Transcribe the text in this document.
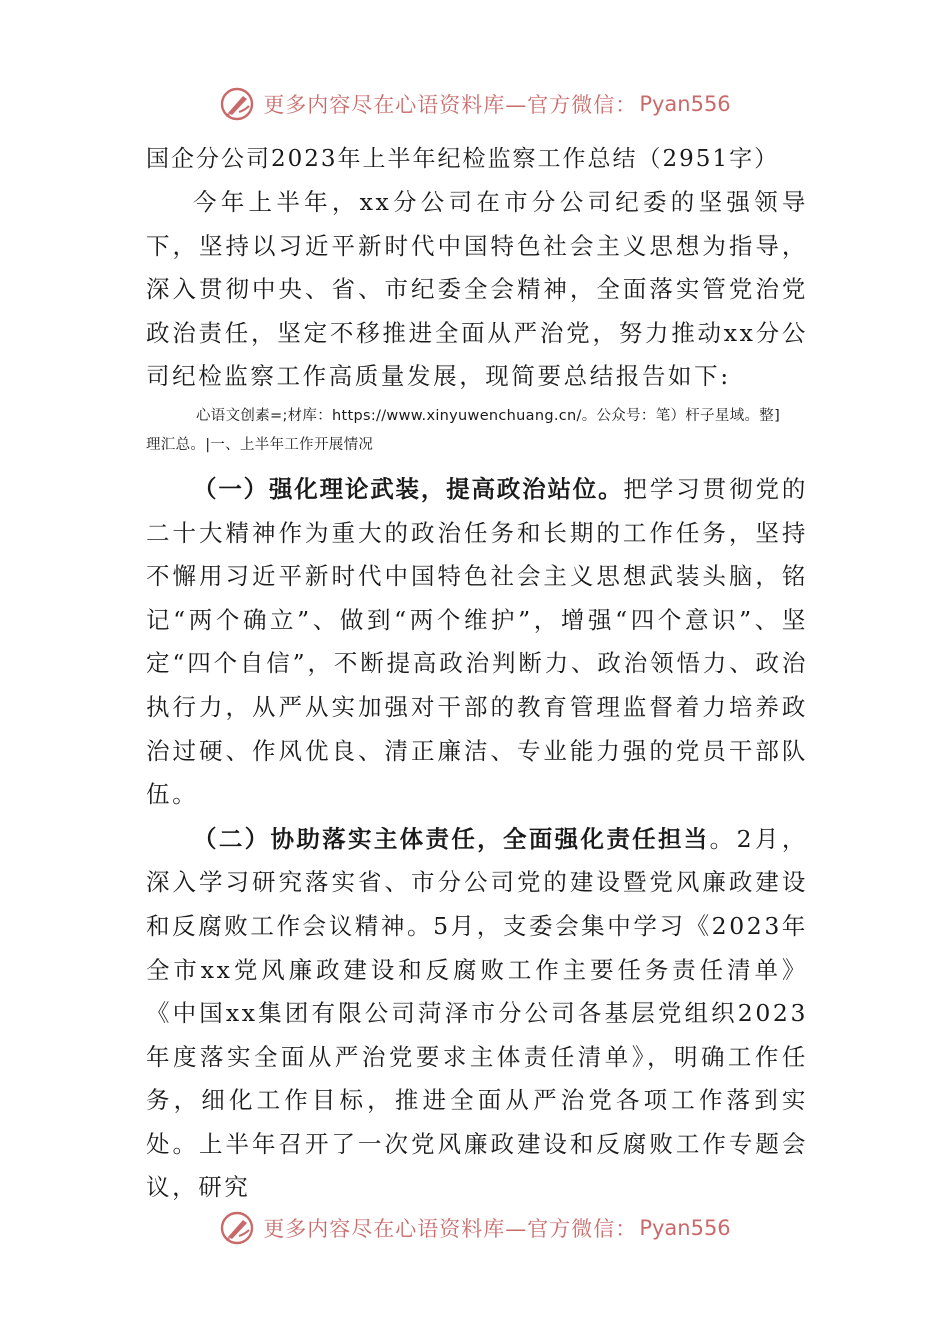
更多内容尽在心语资料库—官方微信： Pyan556
国企分公司2023年上半年纪检监察工作总结（2951字）

今年上半年，xx分公司在市分公司纪委的坚强领导下，坚持以习近平新时代中国特色社会主义思想为指导，深入贯彻中央、省、市纪委全会精神，全面落实管党治党政治责任，坚定不移推进全面从严治党，努力推动xx分公司纪检监察工作高质量发展，现简要总结报告如下:

心语文创素=;材库：https://www.xinyuwenchuang.cn/。公众号：笔）杆子星域。整]
理汇总。|一、上半年工作开展情况

（一）强化理论武装，提高政治站位。把学习贯彻党的二十大精神作为重大的政治任务和长期的工作任务，坚持不懈用习近平新时代中国特色社会主义思想武装头脑，铭记“两个确立”、做到“两个维护”，增强“四个意识”、坚定“四个自信”，不断提高政治判断力、政治领悟力、政治执行力，从严从实加强对干部的教育管理监督着力培养政治过硬、作风优良、清正廉洁、专业能力强的党员干部队伍。

（二）协助落实主体责任，全面强化责任担当。2月，深入学习研究落实省、市分公司党的建设暨党风廉政建设和反腐败工作会议精神。5月，支委会集中学习《2023年全市xx党风廉政建设和反腐败工作主要任务责任清单》《中国xx集团有限公司菏泽市分公司各基层党组织2023年度落实全面从严治党要求主体责任清单》，明确工作任务，细化工作目标，推进全面从严治党各项工作落到实处。上半年召开了一次党风廉政建设和反腐败工作专题会议，研究

更多内容尽在心语资料库—官方微信： Pyan556
